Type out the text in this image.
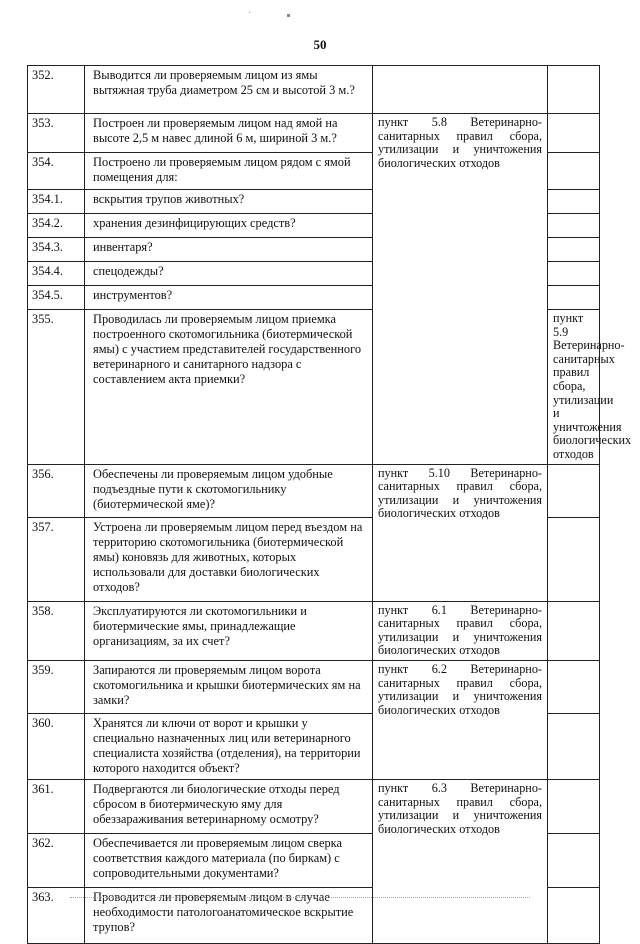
·
50
352.	Выводится ли проверяемым лицом из ямы вытяжная труба диаметром 25 см и высотой 3 м.?			
353.	Построен ли проверяемым лицом над ямой на высоте 2,5 м навес длиной 6 м, шириной 3 м.?	пункт 5.8 Ветеринарно-санитарных правил сбора, утилизации и уничтожения биологических отходов		
354.	Построено ли проверяемым лицом рядом с ямой помещения для:			
354.1.	вскрытия трупов животных?			
354.2.	хранения дезинфицирующих средств?			
354.3.	инвентаря?			
354.4.	спецодежды?			
354.5.	инструментов?			
355.	Проводилась ли проверяемым лицом приемка построенного скотомогильника (биотермической ямы) с участием представителей государственного ветеринарного и санитарного надзора с составлением акта приемки?		пункт 5.9 Ветеринарно-санитарных правил сбора, утилизации и уничтожения биологических отходов	
356.	Обеспечены ли проверяемым лицом удобные подъездные пути к скотомогильнику (биотермической яме)?	пункт 5.10 Ветеринарно-санитарных правил сбора, утилизации и уничтожения биологических отходов		
357.	Устроена ли проверяемым лицом перед въездом на территорию скотомогильника (биотермической ямы) коновязь для животных, которых использовали для доставки биологических отходов?			
358.	Эксплуатируются ли скотомогильники и биотермические ямы, принадлежащие организациям, за их счет?	пункт 6.1 Ветеринарно-санитарных правил сбора, утилизации и уничтожения биологических отходов		
359.	Запираются ли проверяемым лицом ворота скотомогильника и крышки биотермических ям на замки?	пункт 6.2 Ветеринарно-санитарных правил сбора, утилизации и уничтожения биологических отходов		
360.	Хранятся ли ключи от ворот и крышки у специально назначенных лиц или ветеринарного специалиста хозяйства (отделения), на территории которого находится объект?			
361.	Подвергаются ли биологические отходы перед сбросом в биотермическую яму для обеззараживания ветеринарному осмотру?	пункт 6.3 Ветеринарно-санитарных правил сбора, утилизации и уничтожения биологических отходов		
362.	Обеспечивается ли проверяемым лицом сверка соответствия каждого материала (по биркам) с сопроводительными документами?			
363.	Проводится ли проверяемым лицом в случае необходимости патологоанатомическое вскрытие трупов?			
